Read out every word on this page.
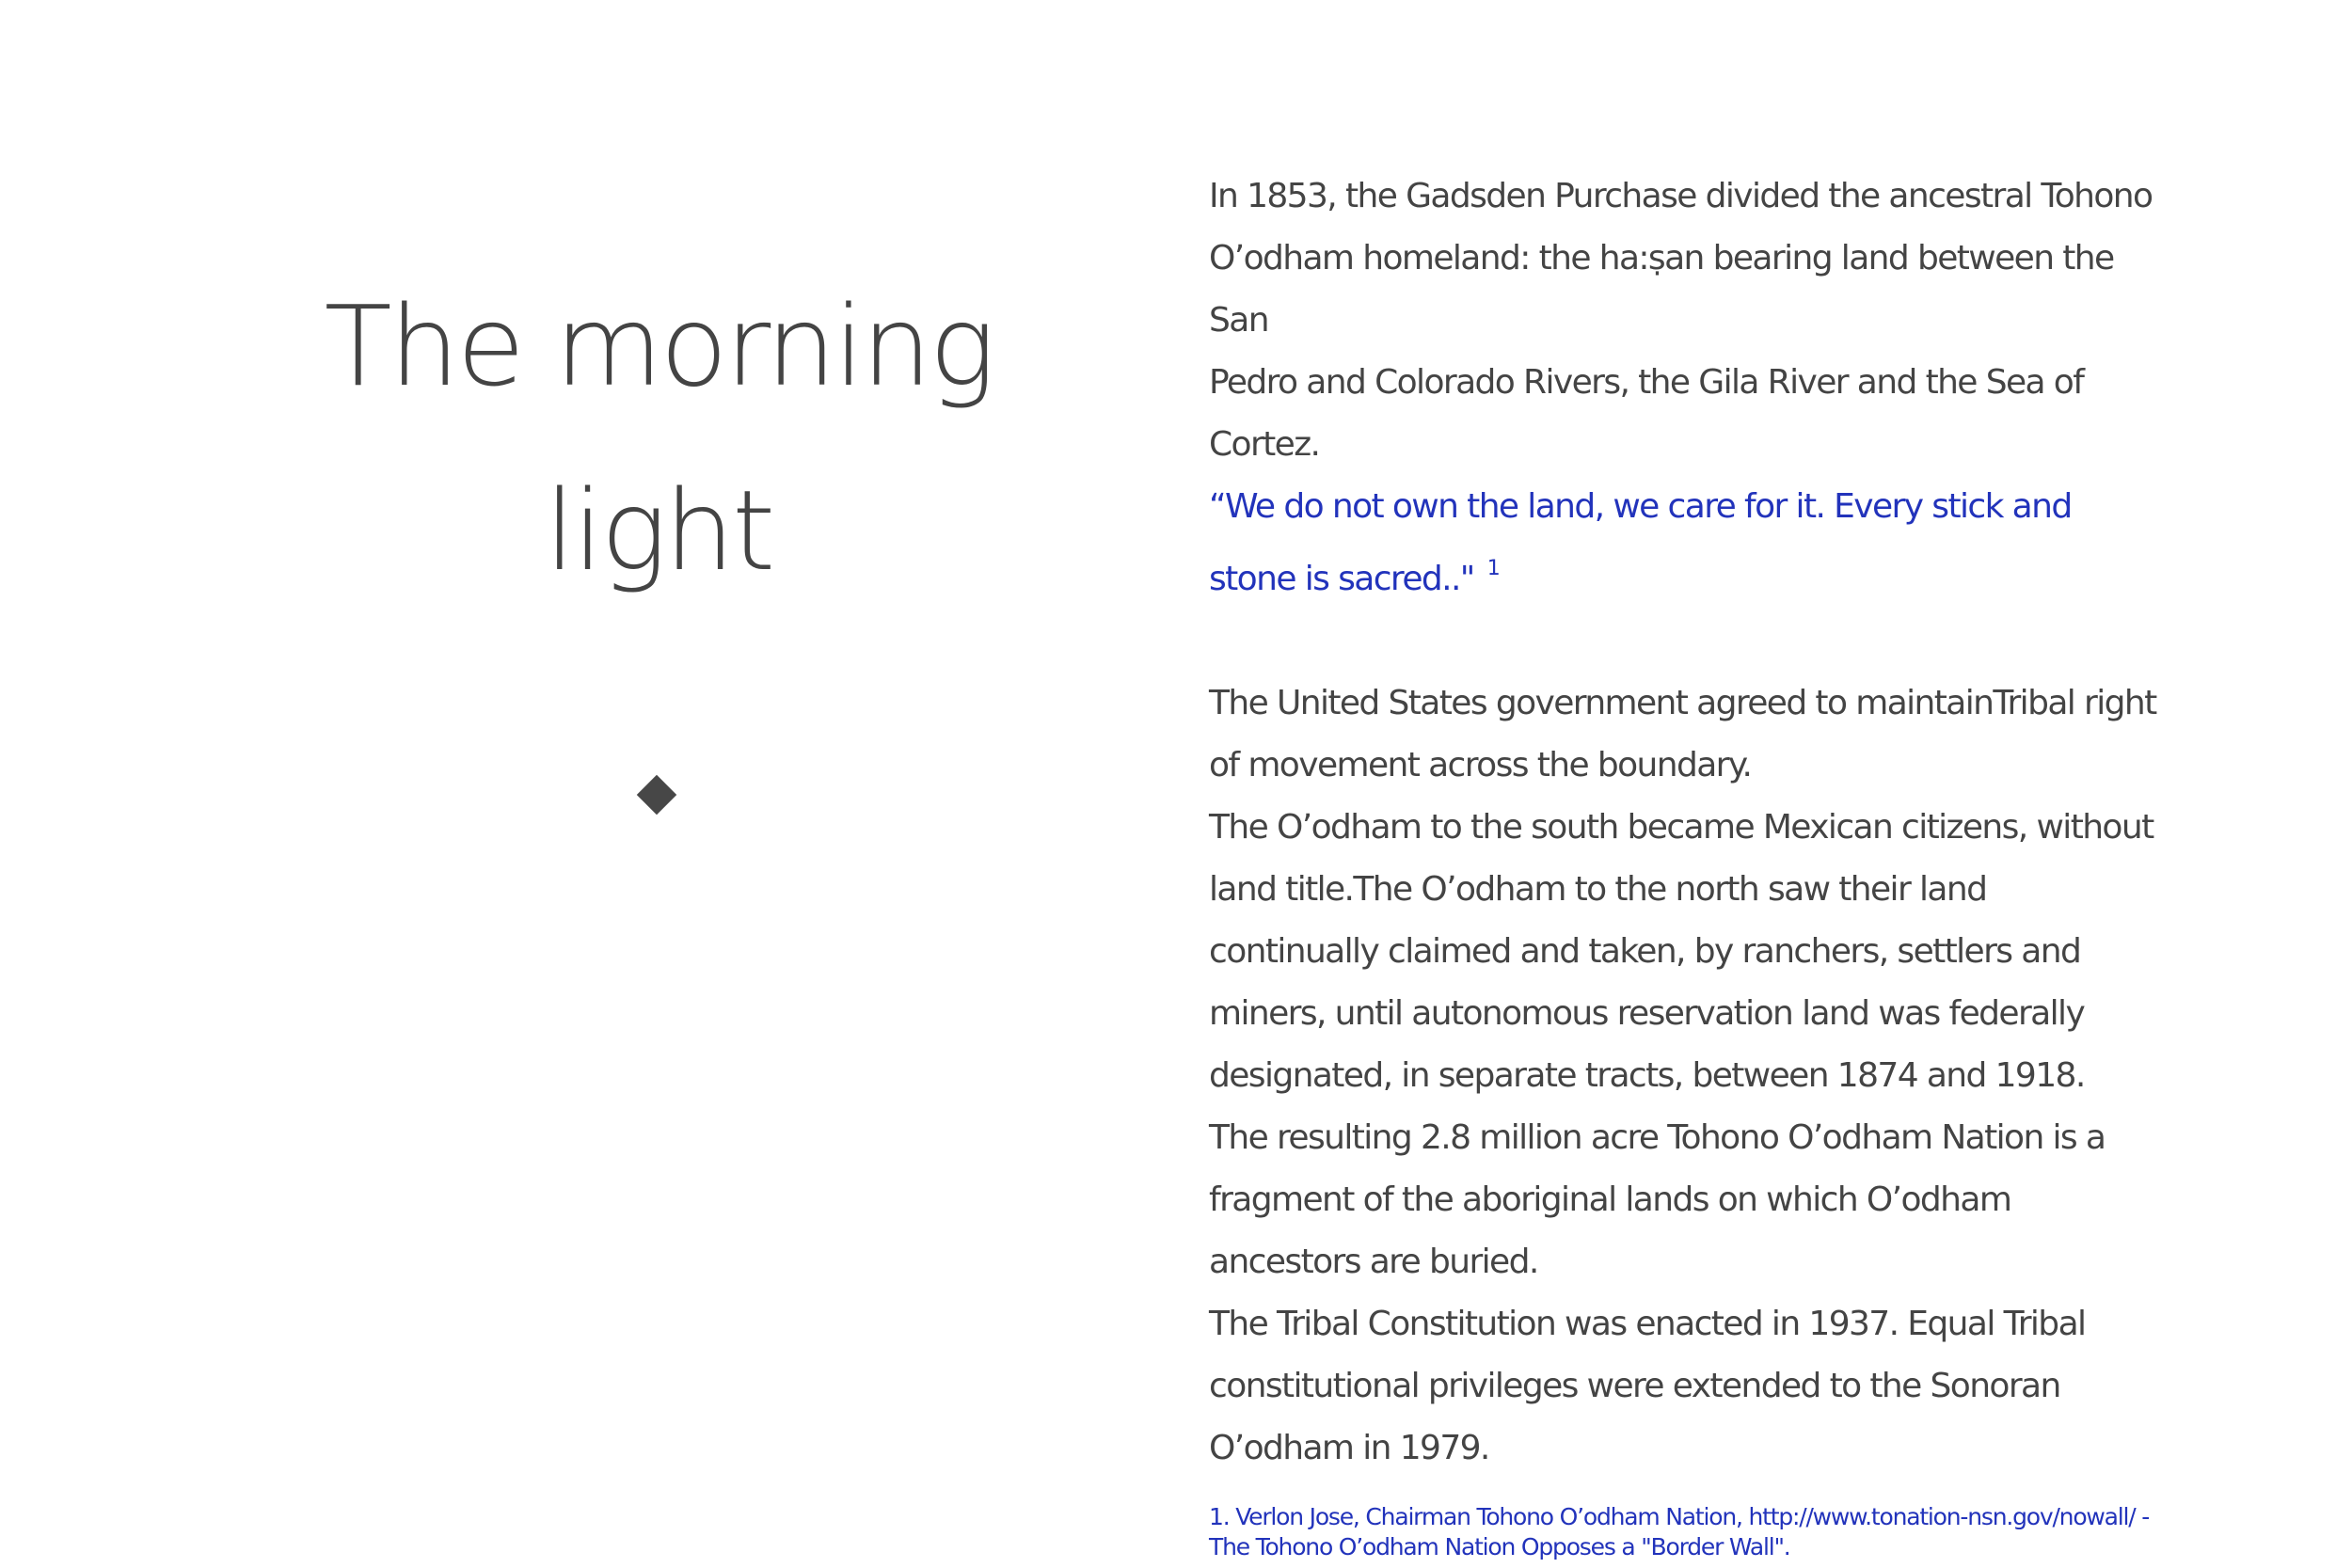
The morning
light

In 1853, the Gadsden Purchase divided the ancestral Tohono
O’odham homeland: the ha:ṣan bearing land between the San
Pedro and Colorado Rivers, the Gila River and the Sea of
Cortez.

“We do not own the land, we care for it. Every stick and
stone is sacred.." $^1$

The United States government agreed to maintainTribal right
of movement across the boundary.
The O’odham to the south became Mexican citizens, without
land title.The O’odham to the north saw their land
continually claimed and taken, by ranchers, settlers and
miners, until autonomous reservation land was federally
designated, in separate tracts, between 1874 and 1918.
The resulting 2.8 million acre Tohono O’odham Nation is a
fragment of the aboriginal lands on which O’odham
ancestors are buried.
The Tribal Constitution was enacted in 1937. Equal Tribal
constitutional privileges were extended to the Sonoran
O’odham in 1979.

1. Verlon Jose, Chairman Tohono O’odham Nation, http://www.tonation-nsn.gov/nowall/ -

The Tohono O’odham Nation Opposes a "Border Wall".
